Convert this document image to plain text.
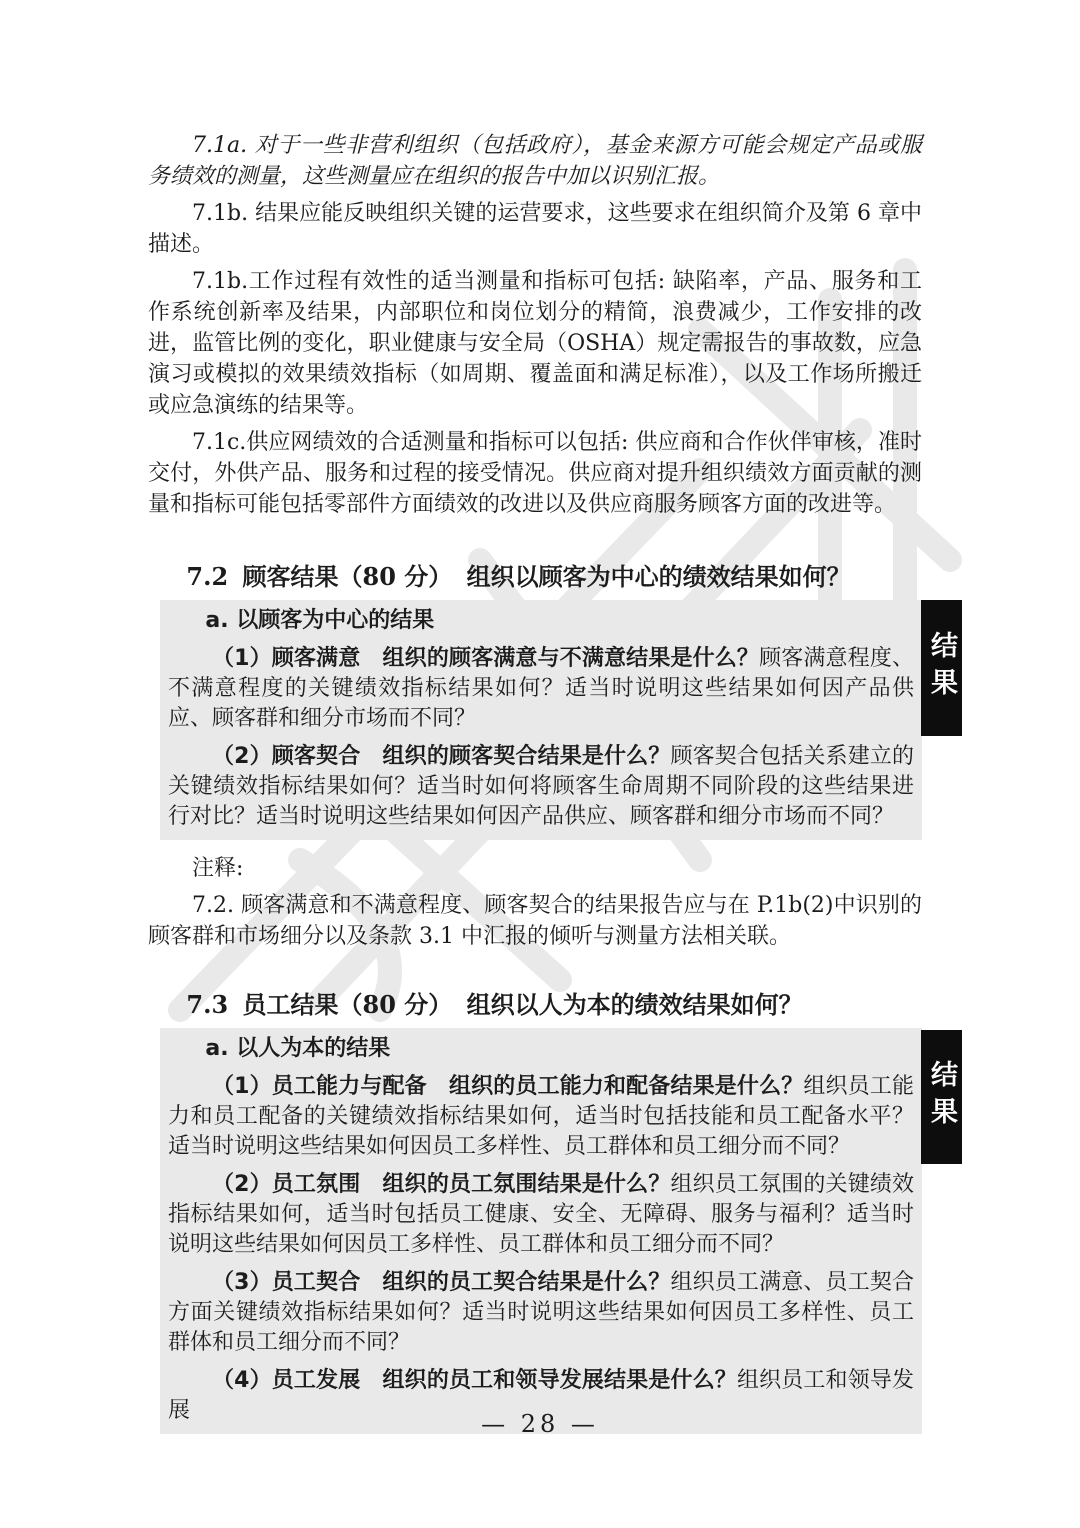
7.1a. 对于一些非营利组织（包括政府），基金来源方可能会规定产品或服务绩效的测量，这些测量应在组织的报告中加以识别汇报。

7.1b. 结果应能反映组织关键的运营要求，这些要求在组织简介及第 6 章中描述。

7.1b.工作过程有效性的适当测量和指标可包括: 缺陷率，产品、服务和工作系统创新率及结果，内部职位和岗位划分的精简，浪费减少，工作安排的改进，监管比例的变化，职业健康与安全局（OSHA）规定需报告的事故数，应急演习或模拟的效果绩效指标（如周期、覆盖面和满足标准），以及工作场所搬迁或应急演练的结果等。

7.1c.供应网绩效的合适测量和指标可以包括: 供应商和合作伙伴审核，准时交付，外供产品、服务和过程的接受情况。供应商对提升组织绩效方面贡献的测量和指标可能包括零部件方面绩效的改进以及供应商服务顾客方面的改进等。

7.2 顾客结果（80 分） 组织以顾客为中心的绩效结果如何？

a. 以顾客为中心的结果

（1）顾客满意　组织的顾客满意与不满意结果是什么？顾客满意程度、不满意程度的关键绩效指标结果如何？适当时说明这些结果如何因产品供应、顾客群和细分市场而不同？

（2）顾客契合　组织的顾客契合结果是什么？顾客契合包括关系建立的关键绩效指标结果如何？适当时如何将顾客生命周期不同阶段的这些结果进行对比？适当时说明这些结果如何因产品供应、顾客群和细分市场而不同？

注释:

7.2. 顾客满意和不满意程度、顾客契合的结果报告应与在 P.1b(2)中识别的顾客群和市场细分以及条款 3.1 中汇报的倾听与测量方法相关联。

7.3 员工结果（80 分） 组织以人为本的绩效结果如何？

a. 以人为本的结果

（1）员工能力与配备　组织的员工能力和配备结果是什么？组织员工能力和员工配备的关键绩效指标结果如何，适当时包括技能和员工配备水平？适当时说明这些结果如何因员工多样性、员工群体和员工细分而不同？

（2）员工氛围　组织的员工氛围结果是什么？组织员工氛围的关键绩效指标结果如何，适当时包括员工健康、安全、无障碍、服务与福利？适当时说明这些结果如何因员工多样性、员工群体和员工细分而不同？

（3）员工契合　组织的员工契合结果是什么？组织员工满意、员工契合方面关键绩效指标结果如何？适当时说明这些结果如何因员工多样性、员工群体和员工细分而不同？

（4）员工发展　组织的员工和领导发展结果是什么？组织员工和领导发展

结果
结果
— 28 —
